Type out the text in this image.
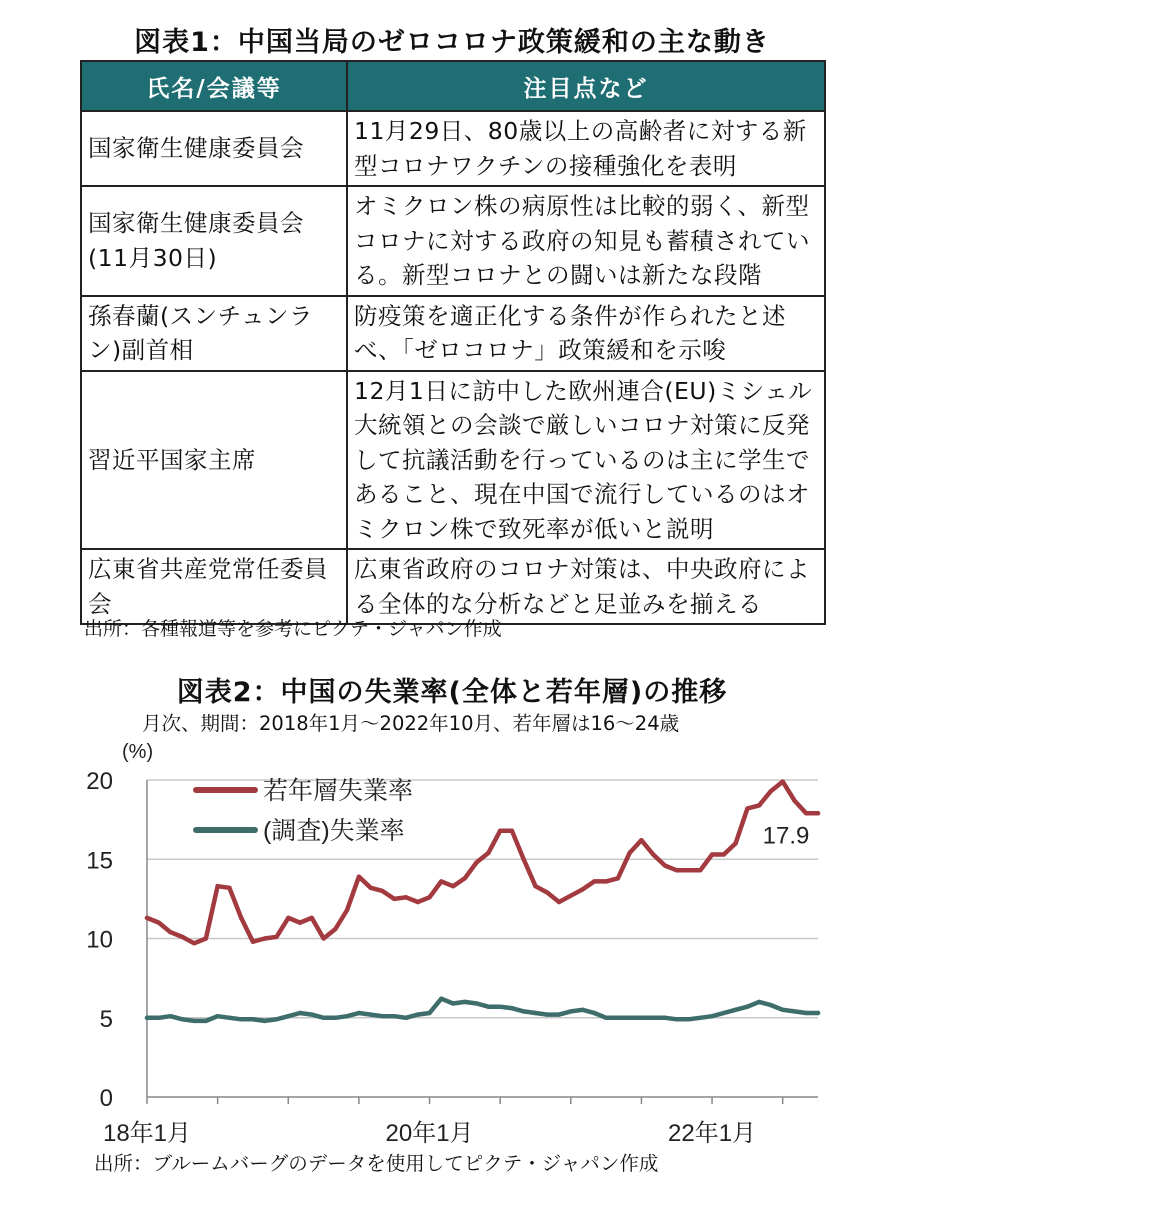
図表1：中国当局のゼロコロナ政策緩和の主な動き
氏名/会議等	注目点など
国家衛生健康委員会	11月29日、80歳以上の高齢者に対する新型コロナワクチンの接種強化を表明
国家衛生健康委員会(11月30日)	オミクロン株の病原性は比較的弱く、新型コロナに対する政府の知見も蓄積されている。新型コロナとの闘いは新たな段階
孫春蘭(スンチュンラン)副首相	防疫策を適正化する条件が作られたと述べ、「ゼロコロナ」政策緩和を示唆
習近平国家主席	12月1日に訪中した欧州連合(EU)ミシェル大統領との会談で厳しいコロナ対策に反発して抗議活動を行っているのは主に学生であること、現在中国で流行しているのはオミクロン株で致死率が低いと説明
広東省共産党常任委員会	広東省政府のコロナ対策は、中央政府による全体的な分析などと足並みを揃える
出所：各種報道等を参考にピクテ・ジャパン作成
図表2：中国の失業率(全体と若年層)の推移
月次、期間：2018年1月～2022年10月、若年層は16～24歳
若年層失業率
(調査)失業率
0
5
10
15
20
(%)
18年1月	20年1月	22年1月
17.9
出所：ブルームバーグのデータを使用してピクテ・ジャパン作成
